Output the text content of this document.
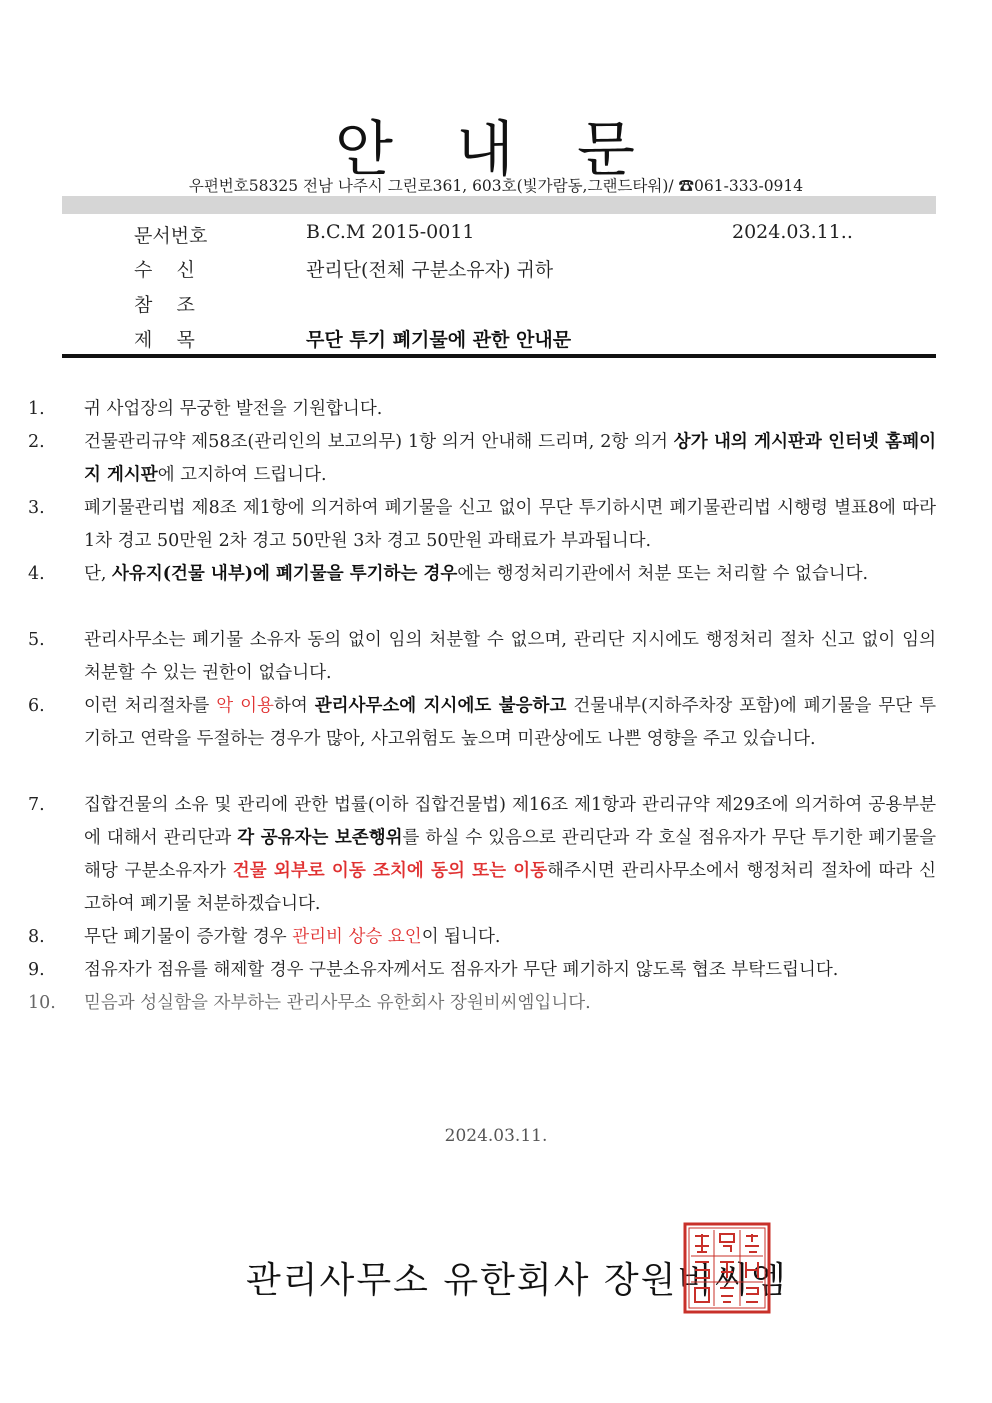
안 내 문
우편번호58325 전남 나주시 그린로361, 603호(빛가람동,그랜드타워)/ ☎061-333-0914
문서번호	B.C.M 2015-0011	2024.03.11..
수    신	관리단(전체 구분소유자) 귀하
참    조
제    목	무단 투기 폐기물에 관한 안내문
1. 귀 사업장의 무궁한 발전을 기원합니다.
2. 건물관리규약 제58조(관리인의 보고의무) 1항 의거 안내해 드리며, 2항 의거 상가 내의 게시판과 인터넷 홈페이지 게시판에 고지하여 드립니다.
3. 폐기물관리법 제8조 제1항에 의거하여 폐기물을 신고 없이 무단 투기하시면 폐기물관리법 시행령 별표8에 따라 1차 경고 50만원 2차 경고 50만원 3차 경고 50만원 과태료가 부과됩니다.
4. 단, 사유지(건물 내부)에 폐기물을 투기하는 경우에는 행정처리기관에서 처분 또는 처리할 수 없습니다.
5. 관리사무소는 폐기물 소유자 동의 없이 임의 처분할 수 없으며, 관리단 지시에도 행정처리 절차 신고 없이 임의 처분할 수 있는 권한이 없습니다.
6. 이런 처리절차를 악 이용하여 관리사무소에 지시에도 불응하고 건물내부(지하주차장 포함)에 폐기물을 무단 투기하고 연락을 두절하는 경우가 많아, 사고위험도 높으며 미관상에도 나쁜 영향을 주고 있습니다.
7. 집합건물의 소유 및 관리에 관한 법률(이하 집합건물법) 제16조 제1항과 관리규약 제29조에 의거하여 공용부분에 대해서 관리단과 각 공유자는 보존행위를 하실 수 있음으로 관리단과 각 호실 점유자가 무단 투기한 폐기물을 해당 구분소유자가 건물 외부로 이동 조치에 동의 또는 이동해주시면 관리사무소에서 행정처리 절차에 따라 신고하여 폐기물 처분하겠습니다.
8. 무단 폐기물이 증가할 경우 관리비 상승 요인이 됩니다.
9. 점유자가 점유를 해제할 경우 구분소유자께서도 점유자가 무단 폐기하지 않도록 협조 부탁드립니다.
10. 믿음과 성실함을 자부하는 관리사무소 유한회사 장원비씨엠입니다.
2024.03.11.
관리사무소 유한회사 장원비씨엠
